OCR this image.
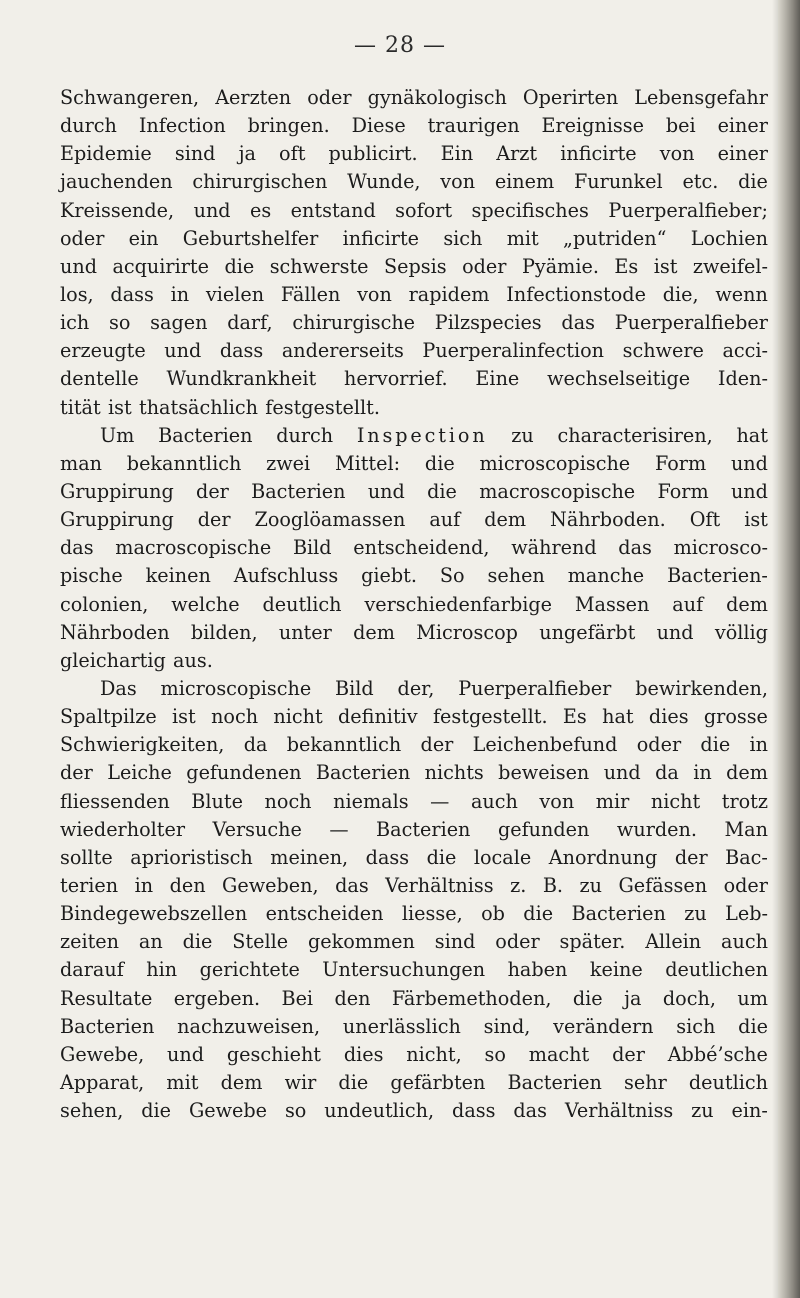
— 28 —
Schwangeren, Aerzten oder gynäkologisch Operirten Lebensgefahr
durch Infection bringen. Diese traurigen Ereignisse bei einer
Epidemie sind ja oft publicirt. Ein Arzt inficirte von einer
jauchenden chirurgischen Wunde, von einem Furunkel etc. die
Kreissende, und es entstand sofort specifisches Puerperalfieber;
oder ein Geburtshelfer inficirte sich mit „putriden“ Lochien
und acquirirte die schwerste Sepsis oder Pyämie. Es ist zweifel-
los, dass in vielen Fällen von rapidem Infectionstode die, wenn
ich so sagen darf, chirurgische Pilzspecies das Puerperalfieber
erzeugte und dass andererseits Puerperalinfection schwere acci-
dentelle Wundkrankheit hervorrief. Eine wechselseitige Iden-
tität ist thatsächlich festgestellt.
Um Bacterien durch Inspection zu characterisiren, hat
man bekanntlich zwei Mittel: die microscopische Form und
Gruppirung der Bacterien und die macroscopische Form und
Gruppirung der Zooglöamassen auf dem Nährboden. Oft ist
das macroscopische Bild entscheidend, während das microsco-
pische keinen Aufschluss giebt. So sehen manche Bacterien-
colonien, welche deutlich verschiedenfarbige Massen auf dem
Nährboden bilden, unter dem Microscop ungefärbt und völlig
gleichartig aus.
Das microscopische Bild der, Puerperalfieber bewirkenden,
Spaltpilze ist noch nicht definitiv festgestellt. Es hat dies grosse
Schwierigkeiten, da bekanntlich der Leichenbefund oder die in
der Leiche gefundenen Bacterien nichts beweisen und da in dem
fliessenden Blute noch niemals — auch von mir nicht trotz
wiederholter Versuche — Bacterien gefunden wurden. Man
sollte aprioristisch meinen, dass die locale Anordnung der Bac-
terien in den Geweben, das Verhältniss z. B. zu Gefässen oder
Bindegewebszellen entscheiden liesse, ob die Bacterien zu Leb-
zeiten an die Stelle gekommen sind oder später. Allein auch
darauf hin gerichtete Untersuchungen haben keine deutlichen
Resultate ergeben. Bei den Färbemethoden, die ja doch, um
Bacterien nachzuweisen, unerlässlich sind, verändern sich die
Gewebe, und geschieht dies nicht, so macht der Abbé’sche
Apparat, mit dem wir die gefärbten Bacterien sehr deutlich
sehen, die Gewebe so undeutlich, dass das Verhältniss zu ein-
